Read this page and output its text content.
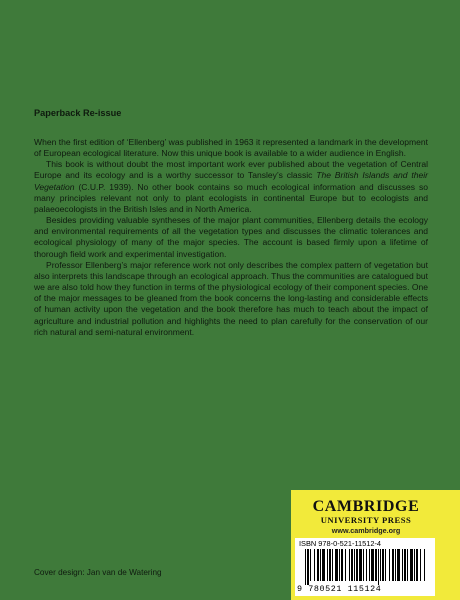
Paperback Re-issue

When the first edition of ‘Ellenberg’ was published in 1963 it represented a landmark in the development of European ecological literature. Now this unique book is available to a wider audience in English.

This book is without doubt the most important work ever published about the vegetation of Central Europe and its ecology and is a worthy successor to Tansley’s classic The British Islands and their Vegetation (C.U.P. 1939). No other book contains so much ecological information and discusses so many principles relevant not only to plant ecologists in continental Europe but to ecologists and palaeoecologists in the British Isles and in North America.

Besides providing valuable syntheses of the major plant communities, Ellenberg details the ecology and environmental requirements of all the vegetation types and discusses the climatic tolerances and ecological physiology of many of the major species. The account is based firmly upon a lifetime of thorough field work and experimental investigation.

Professor Ellenberg’s major reference work not only describes the complex pattern of vegetation but also interprets this landscape through an ecological approach. Thus the communities are catalogued but we are also told how they function in terms of the physiological ecology of their component species. One of the major messages to be gleaned from the book concerns the long-lasting and considerable effects of human activity upon the vegetation and the book therefore has much to teach about the impact of agriculture and industrial pollution and highlights the need to plan carefully for the conservation of our rich natural and semi-natural environment.

Cover design: Jan van de Watering
CAMBRIDGE
UNIVERSITY PRESS
www.cambridge.org
ISBN 978-0-521-11512-4
9 780521 115124
